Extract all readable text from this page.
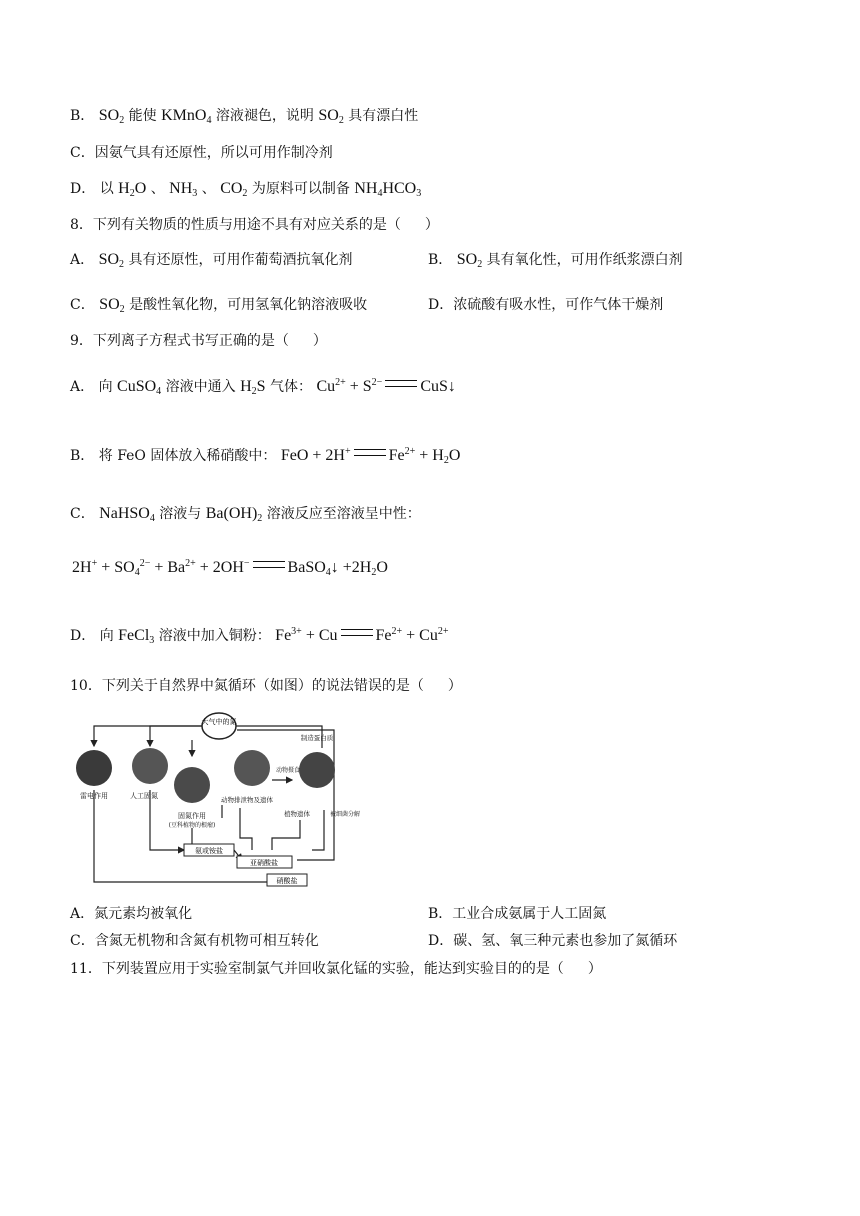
B． $SO_2$ 能使 KMnO$_4$ 溶液褪色，说明 $SO_2$ 具有漂白性
C．因氨气具有还原性，所以可用作制冷剂
D． 以 $H_2O$ 、 $NH_3$ 、 $CO_2$ 为原料可以制备 $NH_4HCO_3$
8．下列有关物质的性质与用途不具有对应关系的是（ ）
A． $SO_2$ 具有还原性，可用作葡萄酒抗氧化剂	B． $SO_2$ 具有氧化性，可用作纸浆漂白剂
C． $SO_2$ 是酸性氧化物，可用氢氧化钠溶液吸收	D．浓硫酸有吸水性，可作气体干燥剂
9．下列离子方程式书写正确的是（ ）
A． 向 CuSO$_4$ 溶液中通入 $H_2S$ 气体： $Cu^{2+} + S^{2-}$ CuS↓
B． 将 FeO 固体放入稀硝酸中： FeO + 2H+ $Fe^{2+} + H_2O$
C． NaHSO$_4$ 溶液与 $Ba(OH)_2$ 溶液反应至溶液呈中性：
$2H^+ + SO_4^{2-} + Ba^{2+} + 2OH^-$ BaSO$_4$↓ $+2H_2O$
D． 向 FeCl$_3$ 溶液中加入铜粉： $Fe^{3+} + Cu$ $Fe^{2+} + Cu^{2+}$
10．下列关于自然界中氮循环（如图）的说法错误的是（ ）
大气中的氮
雷电作用	人工固氮
固氮作用
(豆科植物的根瘤)
动物摄食
动物排泄物及遗体
制造蛋白质
植物遗体	被细菌分解
氨或铵盐
亚硝酸盐
硝酸盐
A．氮元素均被氧化	B．工业合成氨属于人工固氮
C．含氮无机物和含氮有机物可相互转化	D．碳、氢、氧三种元素也参加了氮循环
11．下列装置应用于实验室制氯气并回收氯化锰的实验，能达到实验目的的是（ ）
